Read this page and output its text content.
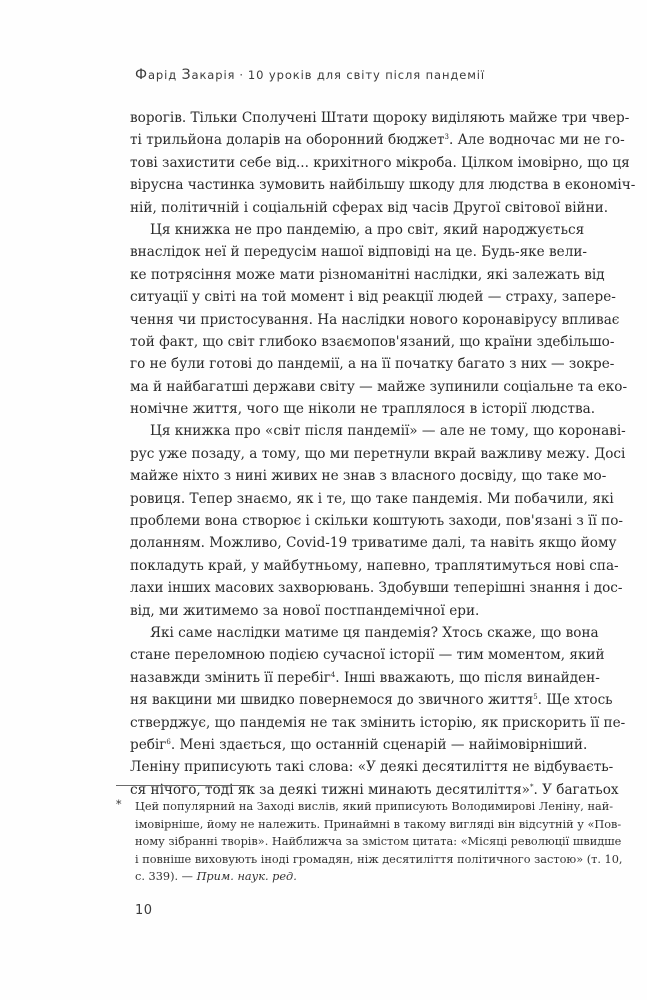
Фарід Закарія · 10 уроків для світу після пандемії
ворогів. Тільки Сполучені Штати щороку виділяють майже три чвер-
ті трильйона доларів на оборонний бюджет$^3$. Але водночас ми не го-
тові захистити себе від... крихітного мікроба. Цілком імовірно, що ця
вірусна частинка зумовить найбільшу шкоду для людства в економіч-
ній, політичній і соціальній сферах від часів Другої світової війни.
Ця книжка не про пандемію, а про світ, який народжується
внаслідок неї й передусім нашої відповіді на це. Будь-яке вели-
ке потрясіння може мати різноманітні наслідки, які залежать від
ситуації у світі на той момент і від реакції людей — страху, запере-
чення чи пристосування. На наслідки нового коронавірусу впливає
той факт, що світ глибоко взаємопов'язаний, що країни здебільшо-
го не були готові до пандемії, а на її початку багато з них — зокре-
ма й найбагатші держави світу — майже зупинили соціальне та еко-
номічне життя, чого ще ніколи не траплялося в історії людства.
Ця книжка про «світ після пандемії» — але не тому, що коронаві-
рус уже позаду, а тому, що ми перетнули вкрай важливу межу. Досі
майже ніхто з нині живих не знав з власного досвіду, що таке мо-
ровиця. Тепер знаємо, як і те, що таке пандемія. Ми побачили, які
проблеми вона створює і скільки коштують заходи, пов'язані з її по-
доланням. Можливо, Covid-19 триватиме далі, та навіть якщо йому
покладуть край, у майбутньому, напевно, траплятимуться нові спа-
лахи інших масових захворювань. Здобувши теперішні знання і дос-
від, ми житимемо за нової постпандемічної ери.
Які саме наслідки матиме ця пандемія? Хтось скаже, що вона
стане переломною подією сучасної історії — тим моментом, який
назавжди змінить її перебіг$^4$. Інші вважають, що після винайден-
ня вакцини ми швидко повернемося до звичного життя$^5$. Ще хтось
стверджує, що пандемія не так змінить історію, як прискорить її пе-
ребіг$^6$. Мені здається, що останній сценарій — найімовірніший.
Леніну приписують такі слова: «У деякі десятиліття не відбуваєть-
ся нічого, тоді як за деякі тижні минають десятиліття»*. У багатьох
* Цей популярний на Заході вислів, який приписують Володимирові Леніну, най-
імовірніше, йому не належить. Принаймні в такому вигляді він відсутній у «Пов-
ному зібранні творів». Найближча за змістом цитата: «Місяці революції швидше
і повніше виховують іноді громадян, ніж десятиліття політичного застою» (т. 10,
с. 339). — Прим. наук. ред.
10
